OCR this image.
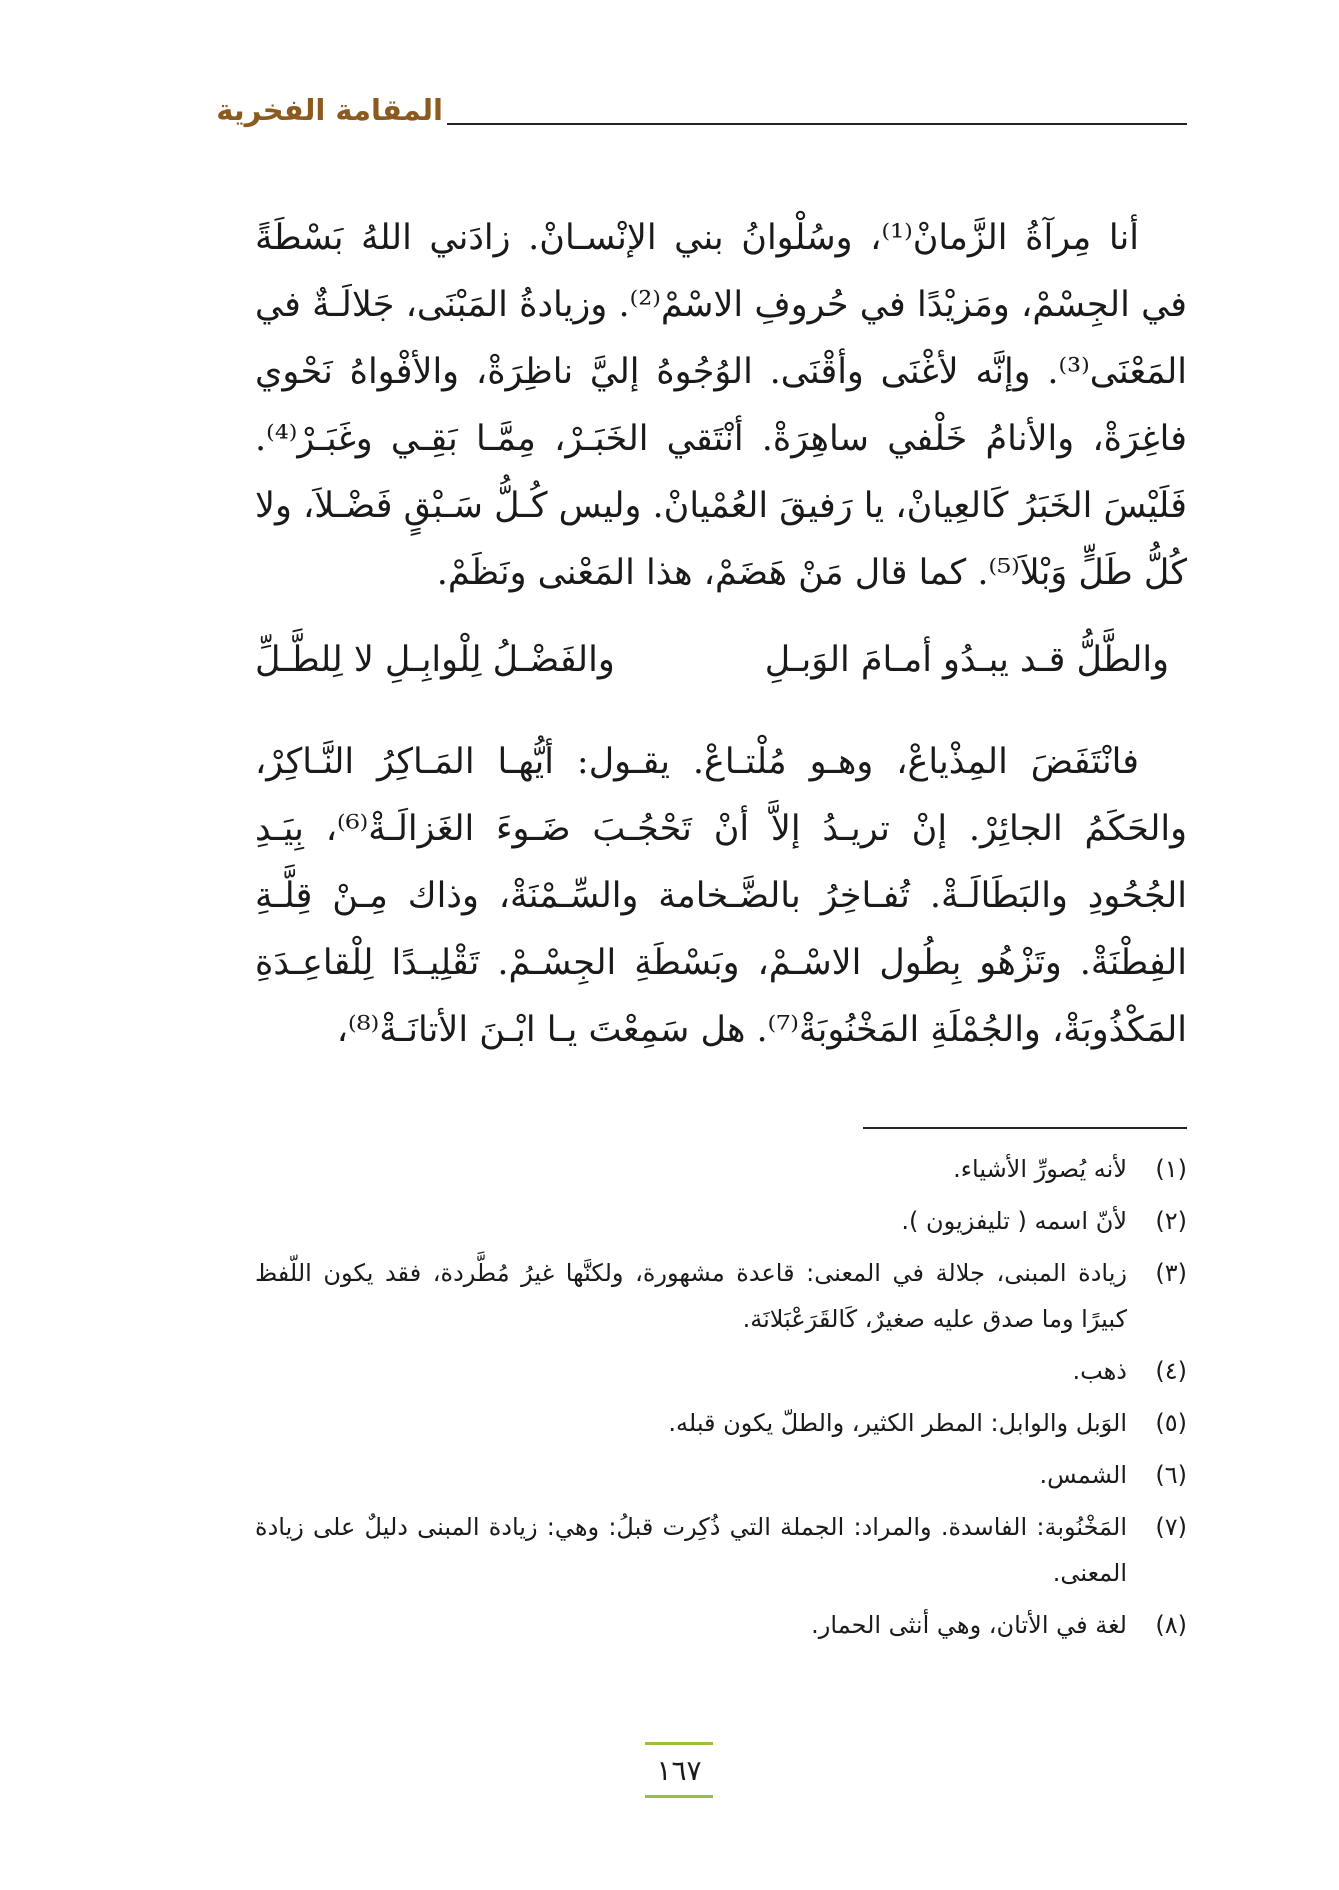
المقامة الفخرية

أنا مِرآةُ الزَّمانْ⁽¹⁾، وسُلْوانُ بني الإنْسـانْ. زادَني اللهُ بَسْطَةً في الجِسْمْ، ومَزيْدًا في حُروفِ الاسْمْ⁽²⁾. وزيادةُ المَبْنَى، جَلالَـةٌ في المَعْنَى⁽³⁾. وإنَّه لأغْنَى وأقْنَى. الوُجُوهُ إليَّ ناظِرَةْ، والأفْواهُ نَحْوي فاغِرَةْ، والأنامُ خَلْفي ساهِرَةْ. أنْتَقي الخَبَـرْ، مِمَّـا بَقِـي وغَبَـرْ⁽⁴⁾. فَلَيْسَ الخَبَرُ كَالعِيانْ، يا رَفيقَ العُمْيانْ. وليس كُـلُّ سَـبْقٍ فَضْـلاَ، ولا كُلُّ طَلٍّ وَبْلاَ⁽⁵⁾. كما قال مَنْ هَضَمْ، هذا المَعْنى ونَظَمْ.

والطَّلُّ قـد يبـدُو أمـامَ الوَبـلِ
والفَضْـلُ لِلْوابِـلِ لا لِلطَّـلِّ

فانْتَفَضَ المِذْياعْ، وهـو مُلْتـاعْ. يقـول: أيُّهـا المَـاكِرُ النَّـاكِرْ، والحَكَمُ الجائِرْ. إنْ تريـدُ إلاَّ أنْ تَحْجُـبَ ضَـوءَ الغَزالَـةْ⁽⁶⁾، بِيَـدِ الجُحُودِ والبَطَالَـةْ. تُفـاخِرُ بالضَّـخامة والسِّـمْنَةْ، وذاك مِـنْ قِلَّـةِ الفِطْنَةْ. وتَزْهُو بِطُول الاسْـمْ، وبَسْطَةِ الجِسْـمْ. تَقْلِيـدًا لِلْقاعِـدَةِ المَكْذُوبَةْ، والجُمْلَةِ المَخْنُوبَةْ⁽⁷⁾. هل سَمِعْتَ يـا ابْـنَ الأتانَـةْ⁽⁸⁾،

(١)
لأنه يُصورِّ الأشياء.
(٢)
لأنّ اسمه ( تليفزيون ).
(٣)
زيادة المبنى، جلالة في المعنى: قاعدة مشهورة، ولكنَّها غيرُ مُطَّردة، فقد يكون اللّفظ كبيرًا وما صدق عليه صغيرٌ، كَالقَرَعْبَلانَة.
(٤)
ذهب.
(٥)
الوَبل والوابل: المطر الكثير، والطلّ يكون قبله.
(٦)
الشمس.
(٧)
المَخْنُوبة: الفاسدة. والمراد: الجملة التي ذُكِرت قبلُ: وهي: زيادة المبنى دليلٌ على زيادة المعنى.
(٨)
لغة في الأتان، وهي أنثى الحمار.
١٦٧
